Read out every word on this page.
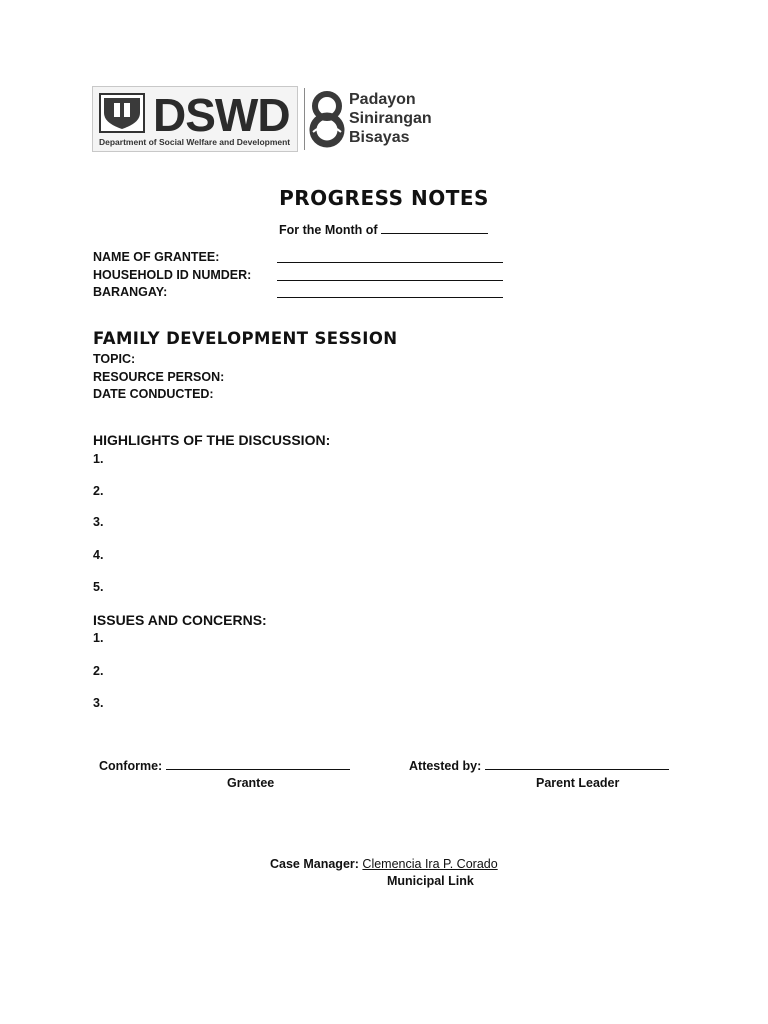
DSWD
Department of Social Welfare and Development
Padayon
Sinirangan
Bisayas
PROGRESS NOTES
For the Month of
NAME OF GRANTEE:
HOUSEHOLD ID NUMDER:
BARANGAY:
FAMILY DEVELOPMENT SESSION
TOPIC:
RESOURCE PERSON:
DATE CONDUCTED:
HIGHLIGHTS OF THE DISCUSSION:
1.
2.
3.
4.
5.
ISSUES AND CONCERNS:
1.
2.
3.
Conforme:
Grantee
Attested by:
Parent Leader
Case Manager: Clemencia Ira P. Corado
Municipal Link
